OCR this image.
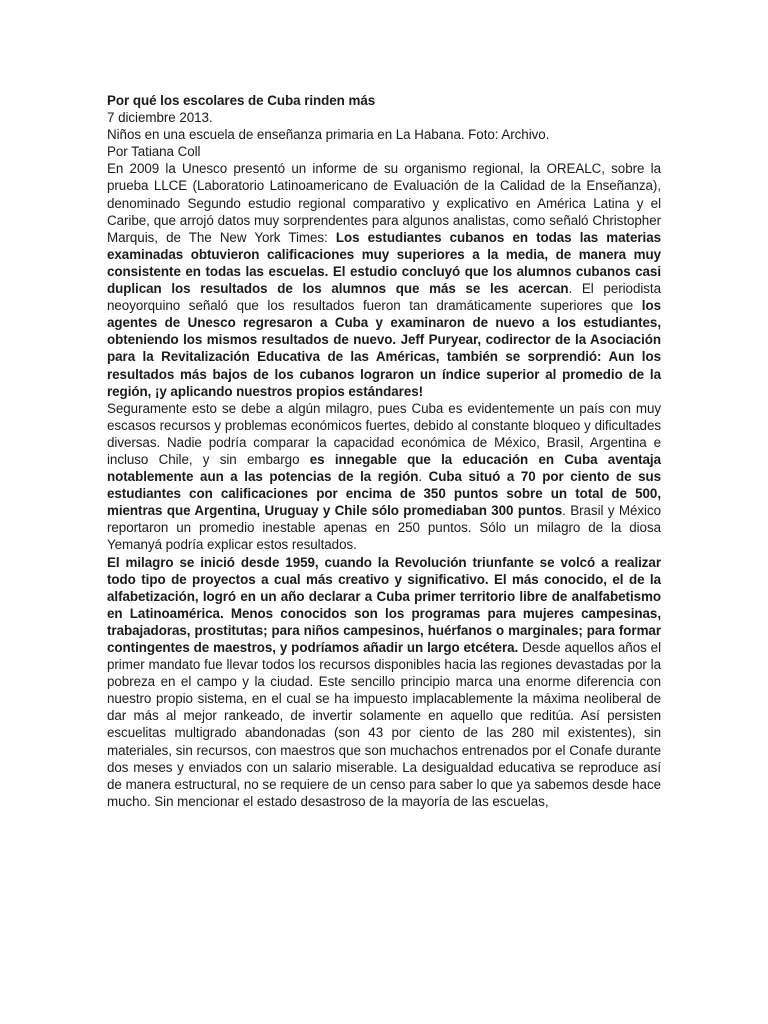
Por qué los escolares de Cuba rinden más
7 diciembre 2013.
Niños en una escuela de enseñanza primaria en La Habana. Foto: Archivo.
Por Tatiana Coll

En 2009 la Unesco presentó un informe de su organismo regional, la OREALC, sobre la prueba LLCE (Laboratorio Latinoamericano de Evaluación de la Calidad de la Enseñanza), denominado Segundo estudio regional comparativo y explicativo en América Latina y el Caribe, que arrojó datos muy sorprendentes para algunos analistas, como señaló Christopher Marquis, de The New York Times: Los estudiantes cubanos en todas las materias examinadas obtuvieron calificaciones muy superiores a la media, de manera muy consistente en todas las escuelas. El estudio concluyó que los alumnos cubanos casi duplican los resultados de los alumnos que más se les acercan. El periodista neoyorquino señaló que los resultados fueron tan dramáticamente superiores que los agentes de Unesco regresaron a Cuba y examinaron de nuevo a los estudiantes, obteniendo los mismos resultados de nuevo. Jeff Puryear, codirector de la Asociación para la Revitalización Educativa de las Américas, también se sorprendió: Aun los resultados más bajos de los cubanos lograron un índice superior al promedio de la región, ¡y aplicando nuestros propios estándares!

Seguramente esto se debe a algún milagro, pues Cuba es evidentemente un país con muy escasos recursos y problemas económicos fuertes, debido al constante bloqueo y dificultades diversas. Nadie podría comparar la capacidad económica de México, Brasil, Argentina e incluso Chile, y sin embargo es innegable que la educación en Cuba aventaja notablemente aun a las potencias de la región. Cuba situó a 70 por ciento de sus estudiantes con calificaciones por encima de 350 puntos sobre un total de 500, mientras que Argentina, Uruguay y Chile sólo promediaban 300 puntos. Brasil y México reportaron un promedio inestable apenas en 250 puntos. Sólo un milagro de la diosa Yemanyá podría explicar estos resultados.

El milagro se inició desde 1959, cuando la Revolución triunfante se volcó a realizar todo tipo de proyectos a cual más creativo y significativo. El más conocido, el de la alfabetización, logró en un año declarar a Cuba primer territorio libre de analfabetismo en Latinoamérica. Menos conocidos son los programas para mujeres campesinas, trabajadoras, prostitutas; para niños campesinos, huérfanos o marginales; para formar contingentes de maestros, y podríamos añadir un largo etcétera. Desde aquellos años el primer mandato fue llevar todos los recursos disponibles hacia las regiones devastadas por la pobreza en el campo y la ciudad. Este sencillo principio marca una enorme diferencia con nuestro propio sistema, en el cual se ha impuesto implacablemente la máxima neoliberal de dar más al mejor rankeado, de invertir solamente en aquello que reditúa. Así persisten escuelitas multigrado abandonadas (son 43 por ciento de las 280 mil existentes), sin materiales, sin recursos, con maestros que son muchachos entrenados por el Conafe durante dos meses y enviados con un salario miserable. La desigualdad educativa se reproduce así de manera estructural, no se requiere de un censo para saber lo que ya sabemos desde hace mucho. Sin mencionar el estado desastroso de la mayoría de las escuelas,
